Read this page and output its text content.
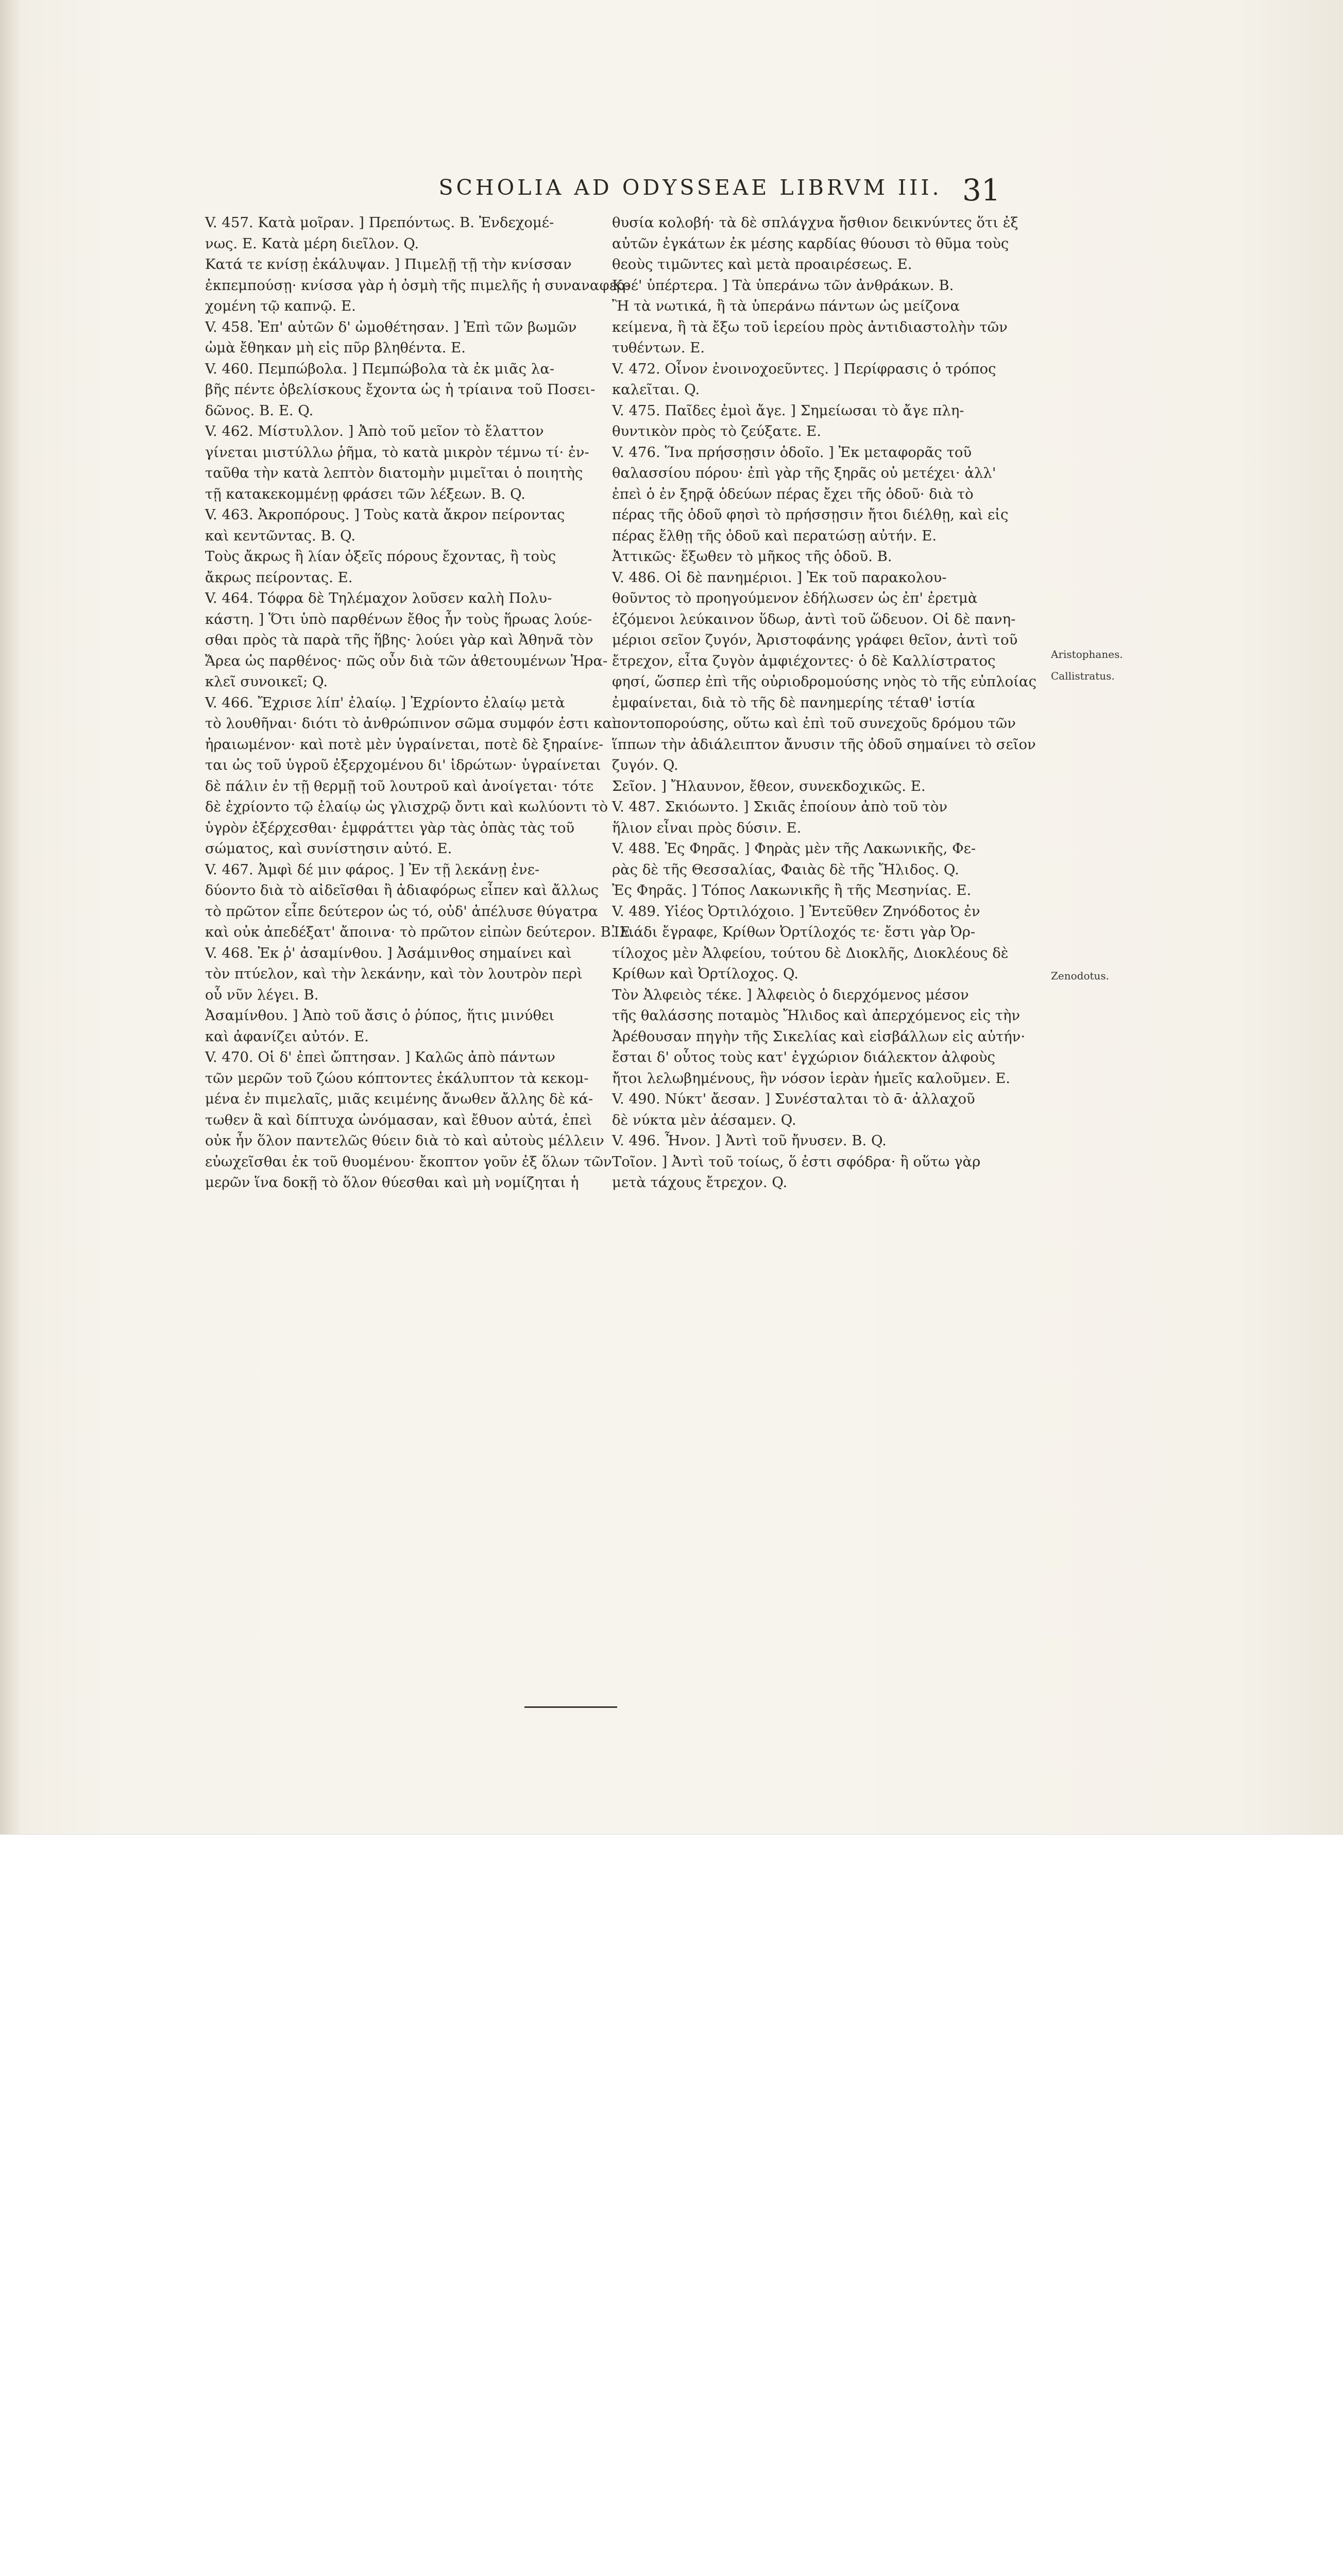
SCHOLIA AD ODYSSEAE LIBRVM III. 31

V. 457. Κατὰ μοῖραν. ] Πρεπόντως. B. Ἐνδεχομέ-

νως. E. Κατὰ μέρη διεῖλον. Q.

Κατά τε κνίσῃ ἐκάλυψαν. ] Πιμελῇ τῇ τὴν κνίσσαν

ἐκπεμπούσῃ· κνίσσα γὰρ ἡ ὀσμὴ τῆς πιμελῆς ἡ συναναφερ-

χομένη τῷ καπνῷ. E.

V. 458. Ἐπ' αὐτῶν δ' ὠμοθέτησαν. ] Ἐπὶ τῶν βωμῶν

ὠμὰ ἔθηκαν μὴ εἰς πῦρ βληθέντα. E.

V. 460. Πεμπώβολα. ] Πεμπώβολα τὰ ἐκ μιᾶς λα-

βῆς πέντε ὀβελίσκους ἔχοντα ὡς ἡ τρίαινα τοῦ Ποσει-

δῶνος. B. E. Q.

V. 462. Μίστυλλον. ] Ἀπὸ τοῦ μεῖον τὸ ἔλαττον

γίνεται μιστύλλω ῥῆμα, τὸ κατὰ μικρὸν τέμνω τί· ἐν-

ταῦθα τὴν κατὰ λεπτὸν διατομὴν μιμεῖται ὁ ποιητὴς

τῇ κατακεκομμένῃ φράσει τῶν λέξεων. B. Q.

V. 463. Ἀκροπόρους. ] Τοὺς κατὰ ἄκρον πείροντας

καὶ κεντῶντας. B. Q.

Τοὺς ἄκρως ἢ λίαν ὀξεῖς πόρους ἔχοντας, ἢ τοὺς

ἄκρως πείροντας. E.

V. 464. Τόφρα δὲ Τηλέμαχον λοῦσεν καλὴ Πολυ-

κάστη. ] Ὅτι ὑπὸ παρθένων ἔθος ἦν τοὺς ἥρωας λούε-

σθαι πρὸς τὰ παρὰ τῆς ἥβης· λούει γὰρ καὶ Ἀθηνᾶ τὸν

Ἄρεα ὡς παρθένος· πῶς οὖν διὰ τῶν ἀθετουμένων Ἡρα-

κλεῖ συνοικεῖ; Q.

V. 466. Ἔχρισε λίπ' ἐλαίῳ. ] Ἐχρίοντο ἐλαίῳ μετὰ

τὸ λουθῆναι· διότι τὸ ἀνθρώπινον σῶμα συμφόν ἐστι καὶ

ἠραιωμένον· καὶ ποτὲ μὲν ὑγραίνεται, ποτὲ δὲ ξηραίνε-

ται ὡς τοῦ ὑγροῦ ἐξερχομένου δι' ἱδρώτων· ὑγραίνεται

δὲ πάλιν ἐν τῇ θερμῇ τοῦ λουτροῦ καὶ ἀνοίγεται· τότε

δὲ ἐχρίοντο τῷ ἐλαίῳ ὡς γλισχρῷ ὄντι καὶ κωλύοντι τὸ

ὑγρὸν ἐξέρχεσθαι· ἐμφράττει γὰρ τὰς ὀπὰς τὰς τοῦ

σώματος, καὶ συνίστησιν αὐτό. E.

V. 467. Ἀμφὶ δέ μιν φάρος. ] Ἐν τῇ λεκάνῃ ἐνε-

δύοντο διὰ τὸ αἰδεῖσθαι ἢ ἀδιαφόρως εἶπεν καὶ ἄλλως

τὸ πρῶτον εἶπε δεύτερον ὡς τό, οὐδ' ἀπέλυσε θύγατρα

καὶ οὐκ ἀπεδέξατ' ἄποινα· τὸ πρῶτον εἰπὼν δεύτερον. B. E.

V. 468. Ἐκ ῥ' ἀσαμίνθου. ] Ἀσάμινθος σημαίνει καὶ

τὸν πτύελον, καὶ τὴν λεκάνην, καὶ τὸν λουτρὸν περὶ

οὗ νῦν λέγει. B.

Ἀσαμίνθου. ] Ἀπὸ τοῦ ἄσις ὁ ῥύπος, ἥτις μινύθει

καὶ ἀφανίζει αὐτόν. E.

V. 470. Οἱ δ' ἐπεὶ ὤπτησαν. ] Καλῶς ἀπὸ πάντων

τῶν μερῶν τοῦ ζώου κόπτοντες ἐκάλυπτον τὰ κεκομ-

μένα ἐν πιμελαῖς, μιᾶς κειμένης ἄνωθεν ἄλλης δὲ κά-

τωθεν ἃ καὶ δίπτυχα ὠνόμασαν, καὶ ἔθυον αὐτά, ἐπεὶ

οὐκ ἦν ὅλον παντελῶς θύειν διὰ τὸ καὶ αὐτοὺς μέλλειν

εὐωχεῖσθαι ἐκ τοῦ θυομένου· ἔκοπτον γοῦν ἐξ ὅλων τῶν

μερῶν ἵνα δοκῇ τὸ ὅλον θύεσθαι καὶ μὴ νομίζηται ἡ

θυσία κολοβή· τὰ δὲ σπλάγχνα ἤσθιον δεικνύντες ὅτι ἐξ

αὐτῶν ἐγκάτων ἐκ μέσης καρδίας θύουσι τὸ θῦμα τοὺς

θεοὺς τιμῶντες καὶ μετὰ προαιρέσεως. E.

Κρέ' ὑπέρτερα. ] Τὰ ὑπεράνω τῶν ἀνθράκων. B.

Ἢ τὰ νωτικά, ἢ τὰ ὑπεράνω πάντων ὡς μείζονα

κείμενα, ἢ τὰ ἔξω τοῦ ἱερείου πρὸς ἀντιδιαστολὴν τῶν

τυθέντων. E.

V. 472. Οἶνον ἐνοινοχοεῦντες. ] Περίφρασις ὁ τρόπος

καλεῖται. Q.

V. 475. Παῖδες ἐμοὶ ἄγε. ] Σημείωσαι τὸ ἄγε πλη-

θυντικὸν πρὸς τὸ ζεύξατε. E.

V. 476. Ἵνα πρήσσῃσιν ὁδοῖο. ] Ἐκ μεταφορᾶς τοῦ

θαλασσίου πόρου· ἐπὶ γὰρ τῆς ξηρᾶς οὐ μετέχει· ἀλλ'

ἐπεὶ ὁ ἐν ξηρᾷ ὁδεύων πέρας ἔχει τῆς ὁδοῦ· διὰ τὸ

πέρας τῆς ὁδοῦ φησὶ τὸ πρήσσῃσιν ἤτοι διέλθῃ, καὶ εἰς

πέρας ἔλθῃ τῆς ὁδοῦ καὶ περατώσῃ αὐτήν. E.

Ἀττικῶς· ἔξωθεν τὸ μῆκος τῆς ὁδοῦ. B.

V. 486. Οἱ δὲ πανημέριοι. ] Ἐκ τοῦ παρακολου-

θοῦντος τὸ προηγούμενον ἐδήλωσεν ὡς ἐπ' ἐρετμὰ

ἑζόμενοι λεύκαινον ὕδωρ, ἀντὶ τοῦ ὥδευον. Οἱ δὲ πανη-

μέριοι σεῖον ζυγόν, Ἀριστοφάνης γράφει θεῖον, ἀντὶ τοῦ

ἔτρεχον, εἶτα ζυγὸν ἀμφιέχοντες· ὁ δὲ Καλλίστρατος

φησί, ὥσπερ ἐπὶ τῆς οὐριοδρομούσης νηὸς τὸ τῆς εὐπλοίας

ἐμφαίνεται, διὰ τὸ τῆς δὲ πανημερίης τέταθ' ἱστία

ποντοπορούσης, οὕτω καὶ ἐπὶ τοῦ συνεχοῦς δρόμου τῶν

ἵππων τὴν ἀδιάλειπτον ἄνυσιν τῆς ὁδοῦ σημαίνει τὸ σεῖον

ζυγόν. Q.

Σεῖον. ] Ἤλαυνον, ἔθεον, συνεκδοχικῶς. E.

V. 487. Σκιόωντο. ] Σκιᾶς ἐποίουν ἀπὸ τοῦ τὸν

ἥλιον εἶναι πρὸς δύσιν. E.

V. 488. Ἐς Φηρᾶς. ] Φηρὰς μὲν τῆς Λακωνικῆς, Φε-

ρὰς δὲ τῆς Θεσσαλίας, Φαιὰς δὲ τῆς Ἤλιδος. Q.

Ἐς Φηρᾶς. ] Τόπος Λακωνικῆς ἢ τῆς Μεσηνίας. E.

V. 489. Υἱέος Ὀρτιλόχοιο. ] Ἐντεῦθεν Ζηνόδοτος ἐν

Ἰλιάδι ἔγραφε, Κρίθων Ὀρτίλοχός τε· ἔστι γὰρ Ὀρ-

τίλοχος μὲν Ἀλφείου, τούτου δὲ Διοκλῆς, Διοκλέους δὲ

Κρίθων καὶ Ὀρτίλοχος. Q.

Τὸν Ἀλφειὸς τέκε. ] Ἀλφειὸς ὁ διερχόμενος μέσον

τῆς θαλάσσης ποταμὸς Ἤλιδος καὶ ἀπερχόμενος εἰς τὴν

Ἀρέθουσαν πηγὴν τῆς Σικελίας καὶ εἰσβάλλων εἰς αὐτήν·

ἔσται δ' οὗτος τοὺς κατ' ἐγχώριον διάλεκτον ἀλφοὺς

ἤτοι λελωβημένους, ἣν νόσον ἱερὰν ἡμεῖς καλοῦμεν. E.

V. 490. Νύκτ' ἄεσαν. ] Συνέσταλται τὸ ᾱ· ἀλλαχοῦ

δὲ νύκτα μὲν ἀέσαμεν. Q.

V. 496. Ἦνον. ] Ἀντὶ τοῦ ἤνυσεν. B. Q.

Τοῖον. ] Ἀντὶ τοῦ τοίως, ὅ ἐστι σφόδρα· ἢ οὕτω γὰρ

μετὰ τάχους ἔτρεχον. Q.

Aristophanes.
Callistratus.
Zenodotus.
